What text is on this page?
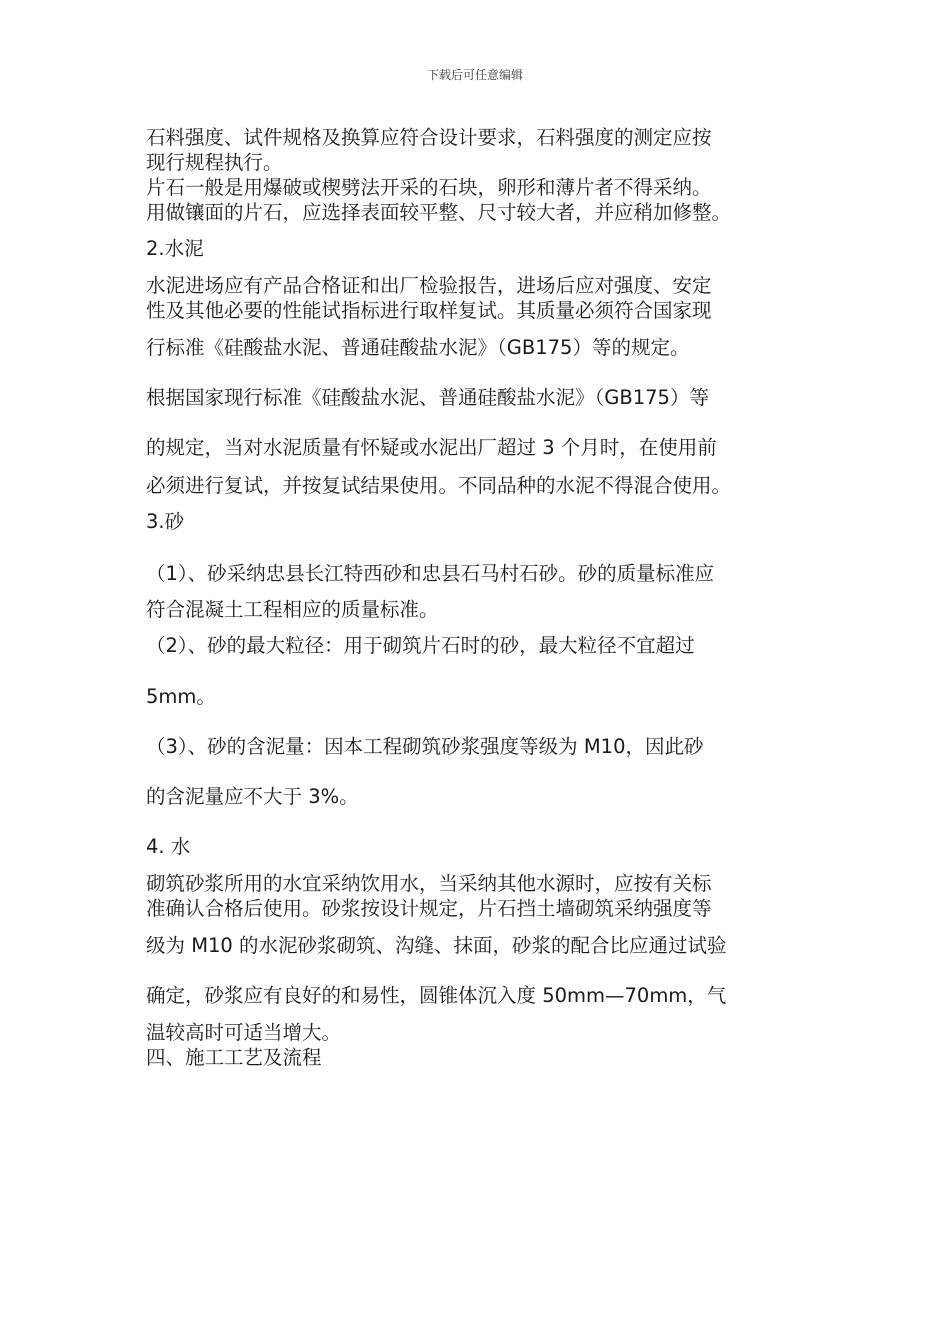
下载后可任意编辑
石料强度、试件规格及换算应符合设计要求，石料强度的测定应按
现行规程执行。
片石一般是用爆破或楔劈法开采的石块，卵形和薄片者不得采纳。
用做镶面的片石，应选择表面较平整、尺寸较大者，并应稍加修整。
2.水泥
水泥进场应有产品合格证和出厂检验报告，进场后应对强度、安定
性及其他必要的性能试指标进行取样复试。其质量必须符合国家现
行标准《硅酸盐水泥、普通硅酸盐水泥》（GB175）等的规定。
根据国家现行标准《硅酸盐水泥、普通硅酸盐水泥》（GB175）等
的规定，当对水泥质量有怀疑或水泥出厂超过 3 个月时，在使用前
必须进行复试，并按复试结果使用。不同品种的水泥不得混合使用。
3.砂
（1）、砂采纳忠县长江特西砂和忠县石马村石砂。砂的质量标准应
符合混凝土工程相应的质量标准。
（2）、砂的最大粒径：用于砌筑片石时的砂，最大粒径不宜超过
5mm。
（3）、砂的含泥量：因本工程砌筑砂浆强度等级为 M10，因此砂
的含泥量应不大于 3%。
4. 水
砌筑砂浆所用的水宜采纳饮用水，当采纳其他水源时，应按有关标
准确认合格后使用。砂浆按设计规定，片石挡土墙砌筑采纳强度等
级为 M10 的水泥砂浆砌筑、沟缝、抹面，砂浆的配合比应通过试验
确定，砂浆应有良好的和易性，圆锥体沉入度 50mm—70mm，气
温较高时可适当增大。
四、施工工艺及流程
